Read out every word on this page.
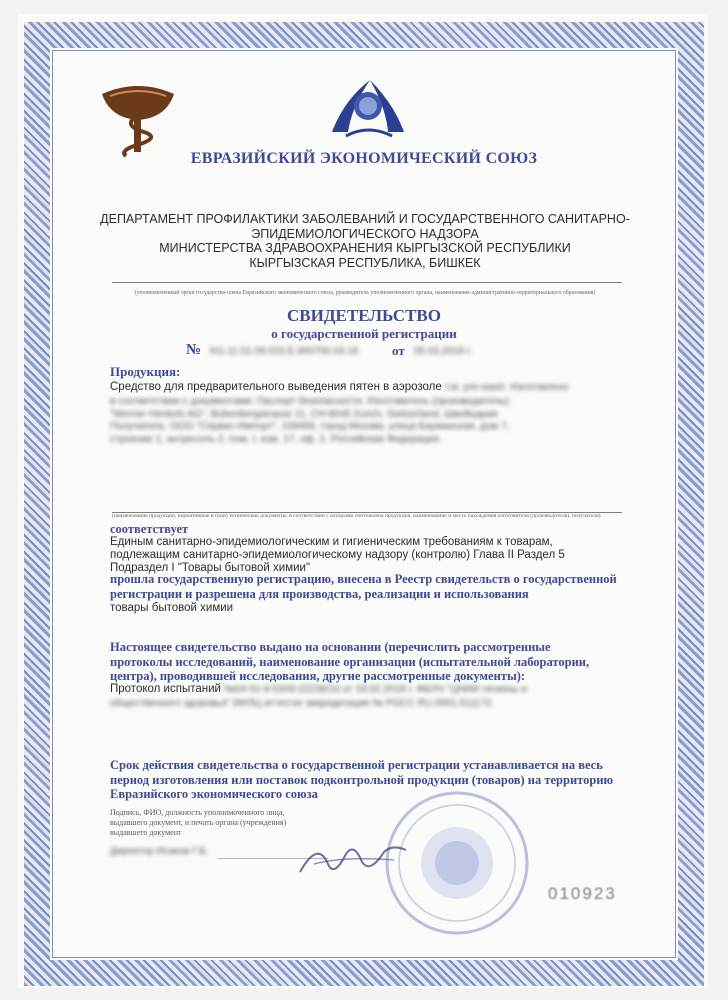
ЕВРАЗИЙСКИЙ ЭКОНОМИЧЕСКИЙ СОЮЗ
ДЕПАРТАМЕНТ ПРОФИЛАКТИКИ ЗАБОЛЕВАНИЙ И ГОСУДАРСТВЕННОГО САНИТАРНО-
ЭПИДЕМИОЛОГИЧЕСКОГО НАДЗОРА
МИНИСТЕРСТВА ЗДРАВООХРАНЕНИЯ КЫРГЫЗСКОЙ РЕСПУБЛИКИ
КЫРГЫЗСКАЯ РЕСПУБЛИКА, БИШКЕК
(уполномоченный орган государства-члена Евразийского экономического союза, руководитель уполномоченного органа, наименование административно-территориального образования)
СВИДЕТЕЛЬСТВО
о государственной регистрации
№ KG.11.01.09.015.E.000700.03.18	от 05.03.2018 г.
Продукция:
Средство для предварительного выведения пятен в аэрозоле т.м. pre-wash. Изготовлено
в соответствии с документами: Паспорт безопасности. Изготовитель (производитель):
"Werner Henkels AG", Bubenbergstrasse 11, CH-8045 Zurich, Switzerland, Швейцария.
Получатель: ООО "Сервис-Импорт", 109456, город Москва, улица Бауманская, дом 7,
строение 1, антресоль 2, пом. I, ком. 17, оф. 2, Российская Федерация.
(наименование продукции, нормативные и (или) технические документы, в соответствии с которыми изготовлена продукция, наименование и место нахождения изготовителя (производителя), получателя)
соответствует
Единым санитарно-эпидемиологическим и гигиеническим требованиям к товарам,
подлежащим санитарно-эпидемиологическому надзору (контролю) Глава II Раздел 5
Подраздел I "Товары бытовой химии"
прошла государственную регистрацию, внесена в Реестр свидетельств о государственной
регистрации и разрешена для производства, реализации и использования
товары бытовой химии
Настоящее свидетельство выдано на основании (перечислить рассмотренные
протоколы исследований, наименование организации (испытательной лаборатории,
центра), проводившей исследования, другие рассмотренные документы):
Протокол испытаний №04-01-9-0209-22236/10 от 19.02.2018 г. ФБУН "ЦНИИ гигиены и
общественного здоровья" ИИЛЦ аттестат аккредитации № РОСС RU.0001.511172.
Срок действия свидетельства о государственной регистрации устанавливается на весь
период изготовления или поставок подконтрольной продукции (товаров) на территорию
Евразийского экономического союза
Подпись, ФИО, должность уполномоченного лица,
выдавшего документ, и печать органа (учреждения)
выдавшего документ
Директор Исаков Г.Б.
010923
